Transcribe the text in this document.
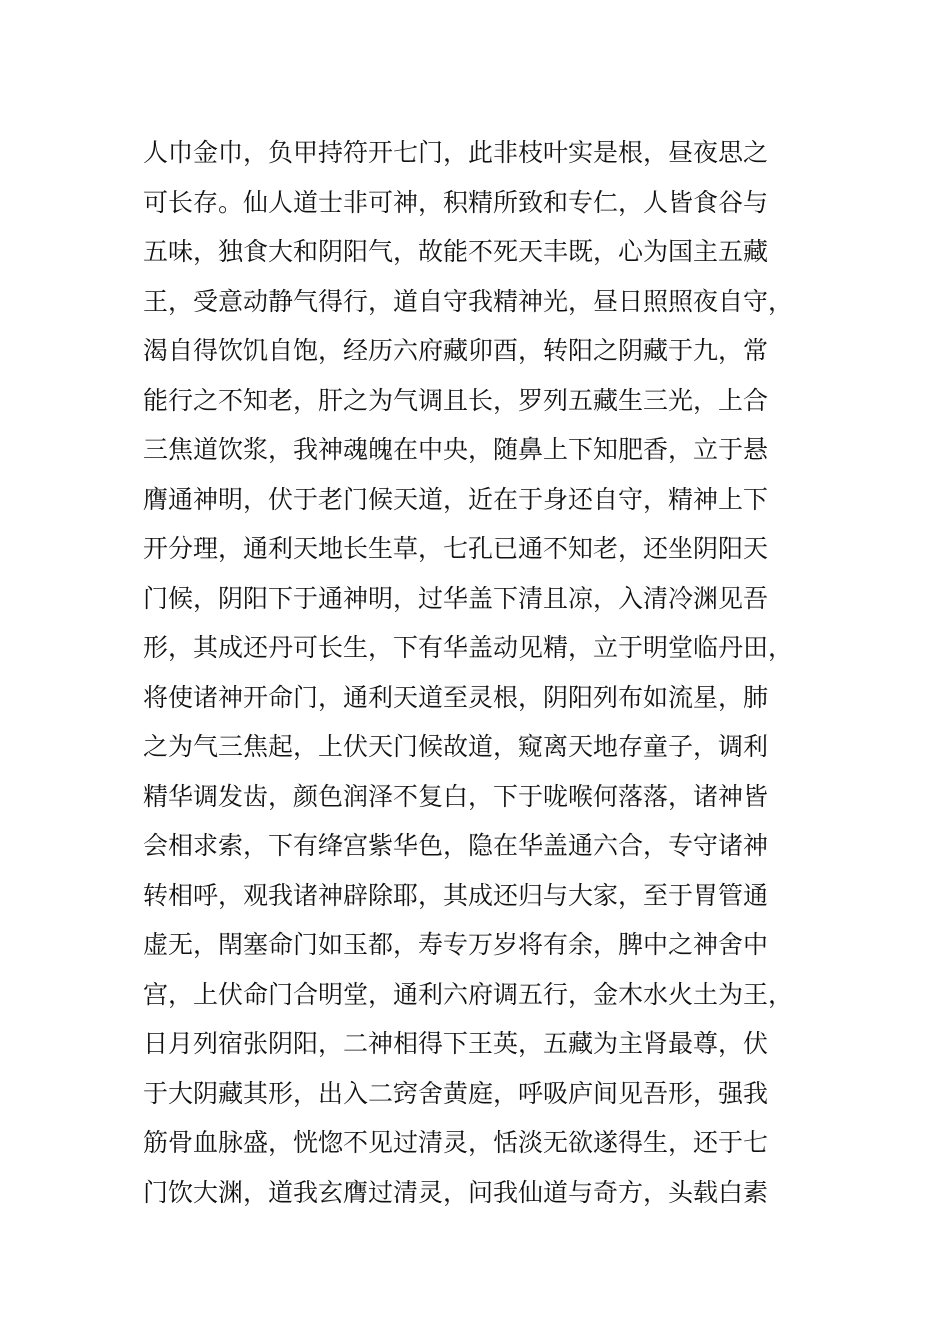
人巾金巾，负甲持符开七门，此非枝叶实是根，昼夜思之
可长存。仙人道士非可神，积精所致和专仁，人皆食谷与
五味，独食大和阴阳气，故能不死天丰既，心为国主五藏
王，受意动静气得行，道自守我精神光，昼日照照夜自守，
渴自得饮饥自饱，经历六府藏卯酉，转阳之阴藏于九，常
能行之不知老，肝之为气调且长，罗列五藏生三光，上合
三焦道饮浆，我神魂魄在中央，随鼻上下知肥香，立于悬
膺通神明，伏于老门候天道，近在于身还自守，精神上下
开分理，通利天地长生草，七孔已通不知老，还坐阴阳天
门候，阴阳下于通神明，过华盖下清且凉，入清冷渊见吾
形，其成还丹可长生，下有华盖动见精，立于明堂临丹田，
将使诸神开命门，通利天道至灵根，阴阳列布如流星，肺
之为气三焦起，上伏天门候故道，窥离天地存童子，调利
精华调发齿，颜色润泽不复白，下于咙喉何落落，诸神皆
会相求索，下有绛宫紫华色，隐在华盖通六合，专守诸神
转相呼，观我诸神辟除耶，其成还归与大家，至于胃管通
虚无，閈塞命门如玉都，寿专万岁将有余，脾中之神舍中
宫，上伏命门合明堂，通利六府调五行，金木水火土为王，
日月列宿张阴阳，二神相得下王英，五藏为主肾最尊，伏
于大阴藏其形，出入二窍舍黄庭，呼吸庐间见吾形，强我
筋骨血脉盛，恍惚不见过清灵，恬淡无欲遂得生，还于七
门饮大渊，道我玄膺过清灵，问我仙道与奇方，头载白素
